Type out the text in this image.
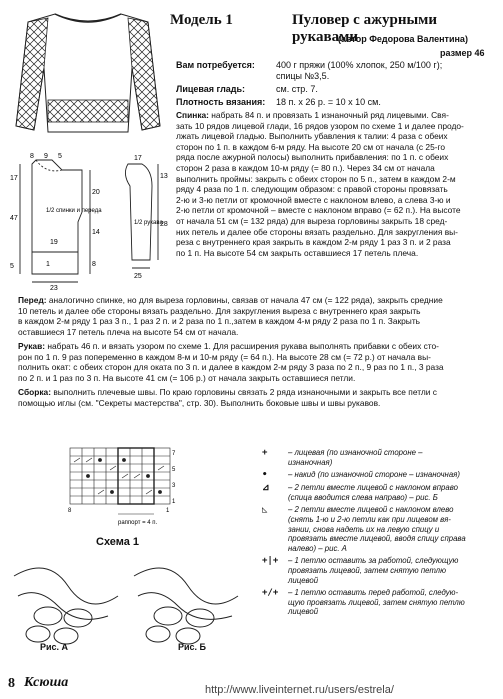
Модель 1	Пуловер с ажурными рукавами
(автор Федорова Валентина)
размер 46
Вам потребуется: 400 г пряжи (100% хлопок, 250 м/100 г);
спицы №3,5.
Лицевая гладь:	см. стр. 7.
Плотность вязания: 18 п. х 26 р. = 10 х 10 см.
Спинка: набрать 84 п. и провязать 1 изнаночный ряд лицевыми. Свя-
зать 10 рядов лицевой глади, 16 рядов узором по схеме 1 и далее продо-
лжать лицевой гладью. Выполнить убавления к талии: 4 раза с обеих
сторон по 1 п. в каждом 6-м ряду. На высоте 20 см от начала (с 25-го
ряда после ажурной полосы) выполнить прибавления: по 1 п. с обеих
сторон 2 раза в каждом 10-м ряду (= 80 п.). Через 34 см от начала
выполнить проймы: закрыть с обеих сторон по 5 п., затем в каждом 2-м
ряду 4 раза по 1 п. следующим образом: с правой стороны провязать
2-ю и 3-ю петли от кромочной вместе с наклоном влево, а слева 3-ю и
2-ю петли от кромочной – вместе с наклоном вправо (= 62 п.). На высоте
от начала 51 см (= 132 ряда) для выреза горловины закрыть 18 сред-
них петель и далее обе стороны вязать раздельно. Для закругления вы-
реза с внутреннего края закрыть в каждом 2-м ряду 1 раз 3 п. и 2 раза
по 1 п. На высоте 54 см закрыть оставшиеся 17 петель плеча.
8 9 5
17
47
5
20
14
8
1/2 спинки и переда
19
1
23
17
13
28
1/2 рукава
25
Перед: аналогично спинке, но для выреза горловины, связав от начала 47 см (= 122 ряда), закрыть средние
10 петель и далее обе стороны вязать раздельно. Для закругления выреза с внутреннего края закрыть
в каждом 2-м ряду 1 раз 3 п., 1 раз 2 п. и 2 раза по 1 п.,затем в каждом 4-м ряду 2 раза по 1 п. Закрыть
оставшиеся 17 петель плеча на высоте 54 см от начала.
Рукав: набрать 46 п. и вязать узором по схеме 1. Для расширения рукава выполнять прибавки с обеих сто-
рон по 1 п. 9 раз попеременно в каждом 8-м и 10-м ряду (= 64 п.). На высоте 28 см (= 72 р.) от начала вы-
полнить окат: с обеих сторон для оката по 3 п. и далее в каждом 2-м ряду 3 раза по 2 п., 9 раз по 1 п., 3 раза
по 2 п. и 1 раз по 3 п. На высоте 41 см (= 106 р.) от начала закрыть оставшиеся петли.
Сборка: выполнить плечевые швы. По краю горловины связать 2 ряда изнаночными и закрыть все петли с
помощью иглы (см. "Секреты мастерства", стр. 30). Выполнить боковые швы и швы рукавов.
7
5
3
1
8	1
раппорт = 4 п.
Схема 1
Рис. А	Рис. Б
+	– лицевая (по изнаночной стороне –
изнаночная)
•	– накид (по изнаночной стороне – изнаночная)
⊿	– 2 петли вместе лицевой с наклоном вправо
(спица вводится слева направо) – рис. Б
◺	– 2 петли вместе лицевой с наклоном влево
(снять 1-ю и 2-ю петли как при лицевом вя-
зании, снова надеть их на левую спицу и
провязать вместе лицевой, вводя спицу справа
налево) – рис. А
+|+	– 1 петлю оставить за работой, следующую
провязать лицевой, затем снятую петлю
лицевой
+/+	– 1 петлю оставить перед работой, следую-
щую провязать лицевой, затем снятую петлю
лицевой
8 Ксюша	http://www.liveinternet.ru/users/estrela/
